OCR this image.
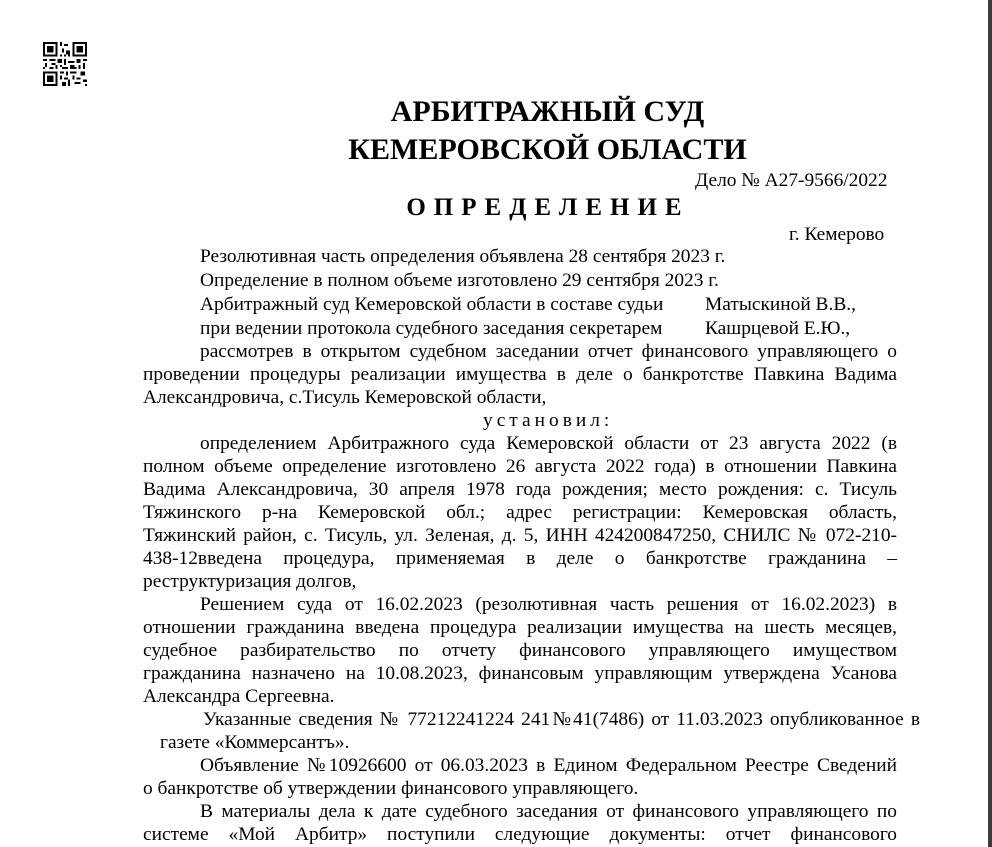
АРБИТРАЖНЫЙ СУД
КЕМЕРОВСКОЙ ОБЛАСТИ
Дело № А27-9566/2022
ОПРЕДЕЛЕНИЕ
г. Кемерово
Резолютивная часть определения объявлена 28 сентября 2023 г.
Определение в полном объеме изготовлено 29 сентября 2023 г.
Арбитражный суд Кемеровской области в составе судьи Матыскиной В.В.,
при ведении протокола судебного заседания секретарем Кашрцевой Е.Ю.,
рассмотрев в открытом судебном заседании отчет финансового управляющего о
проведении процедуры реализации имущества в деле о банкротстве Павкина Вадима
Александровича, с.Тисуль Кемеровской области,
установил:
определением Арбитражного суда Кемеровской области от 23 августа 2022 (в
полном объеме определение изготовлено 26 августа 2022 года) в отношении Павкина
Вадима Александровича, 30 апреля 1978 года рождения; место рождения: с. Тисуль
Тяжинского р-на Кемеровской обл.; адрес регистрации: Кемеровская область,
Тяжинский район, с. Тисуль, ул. Зеленая, д. 5, ИНН 424200847250, СНИЛС № 072-210-
438-12введена процедура, применяемая в деле о банкротстве гражданина –
реструктуризация долгов,
Решением суда от 16.02.2023 (резолютивная часть решения от 16.02.2023) в
отношении гражданина введена процедура реализации имущества на шесть месяцев,
судебное разбирательство по отчету финансового управляющего имуществом
гражданина назначено на 10.08.2023, финансовым управляющим утверждена Усанова
Александра Сергеевна.
Указанные сведения № 77212241224 241№41(7486) от 11.03.2023 опубликованное в
газете «Коммерсантъ».
Объявление №10926600 от 06.03.2023 в Едином Федеральном Реестре Сведений
о банкротстве об утверждении финансового управляющего.
В материалы дела к дате судебного заседания от финансового управляющего по
системе «Мой Арбитр» поступили следующие документы: отчет финансового
